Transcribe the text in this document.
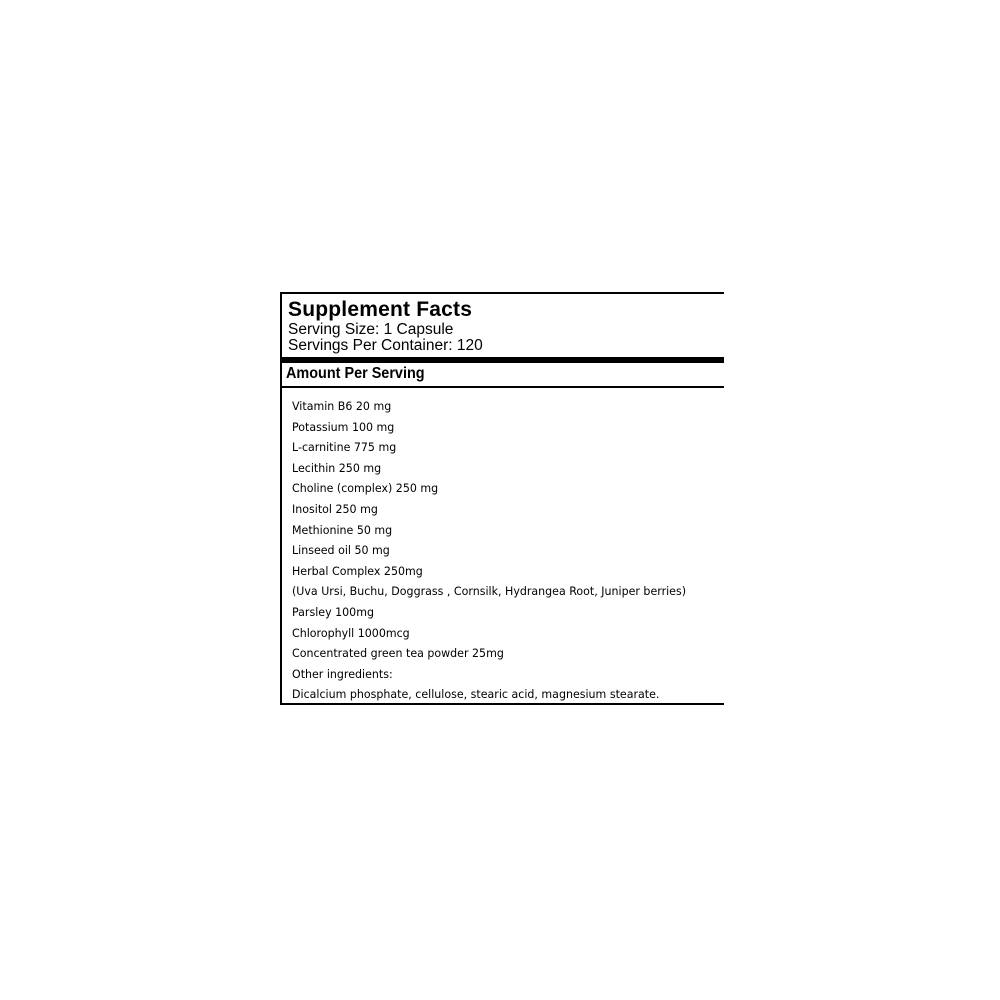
Supplement Facts
Serving Size: 1 Capsule
Servings Per Container: 120
Amount Per Serving
Vitamin B6 20 mg
Potassium 100 mg
L-carnitine 775 mg
Lecithin 250 mg
Choline (complex) 250 mg
Inositol 250 mg
Methionine 50 mg
Linseed oil 50 mg
Herbal Complex 250mg
(Uva Ursi, Buchu, Doggrass , Cornsilk, Hydrangea Root, Juniper berries)
Parsley 100mg
Chlorophyll 1000mcg
Concentrated green tea powder 25mg
Other ingredients:
Dicalcium phosphate, cellulose, stearic acid, magnesium stearate.
